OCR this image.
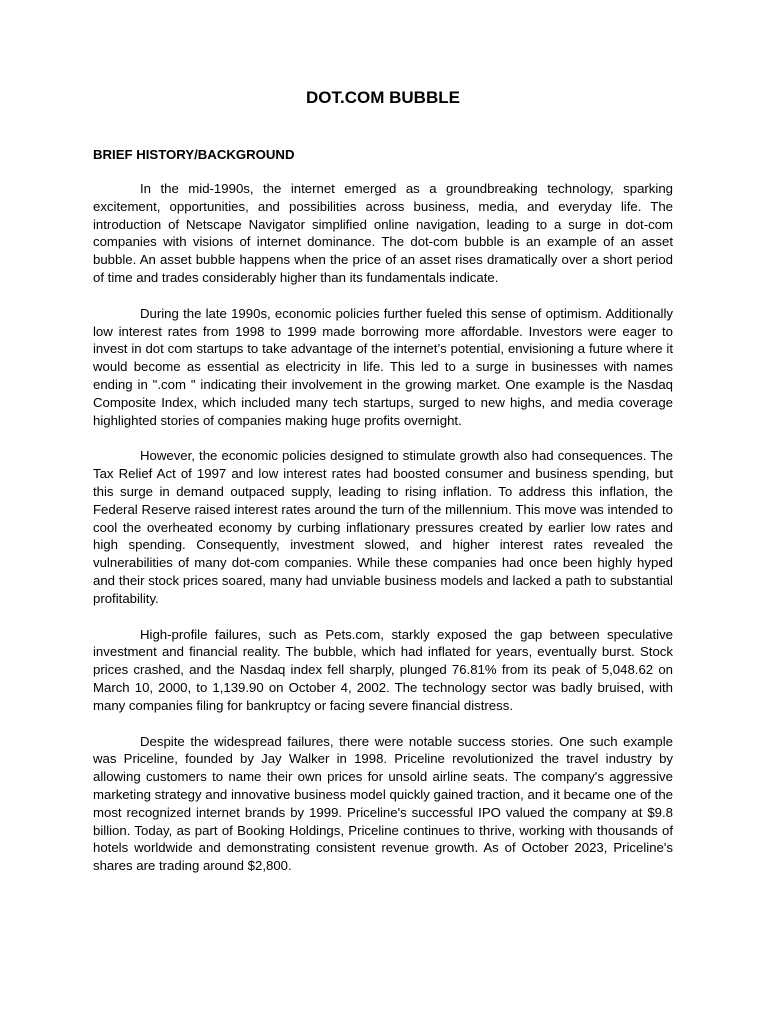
DOT.COM BUBBLE
BRIEF HISTORY/BACKGROUND

In the mid-1990s, the internet emerged as a groundbreaking technology, sparking excitement, opportunities, and possibilities across business, media, and everyday life. The introduction of Netscape Navigator simplified online navigation, leading to a surge in dot-com companies with visions of internet dominance. The dot-com bubble is an example of an asset bubble. An asset bubble happens when the price of an asset rises dramatically over a short period of time and trades considerably higher than its fundamentals indicate.

During the late 1990s, economic policies further fueled this sense of optimism. Additionally low interest rates from 1998 to 1999 made borrowing more affordable. Investors were eager to invest in dot com startups to take advantage of the internet’s potential, envisioning a future where it would become as essential as electricity in life. This led to a surge in businesses with names ending in ".com " indicating their involvement in the growing market. One example is the Nasdaq Composite Index, which included many tech startups, surged to new highs, and media coverage highlighted stories of companies making huge profits overnight.

However, the economic policies designed to stimulate growth also had consequences. The Tax Relief Act of 1997 and low interest rates had boosted consumer and business spending, but this surge in demand outpaced supply, leading to rising inflation. To address this inflation, the Federal Reserve raised interest rates around the turn of the millennium. This move was intended to cool the overheated economy by curbing inflationary pressures created by earlier low rates and high spending. Consequently, investment slowed, and higher interest rates revealed the vulnerabilities of many dot-com companies. While these companies had once been highly hyped and their stock prices soared, many had unviable business models and lacked a path to substantial profitability.

High-profile failures, such as Pets.com, starkly exposed the gap between speculative investment and financial reality. The bubble, which had inflated for years, eventually burst. Stock prices crashed, and the Nasdaq index fell sharply, plunged 76.81% from its peak of 5,048.62 on March 10, 2000, to 1,139.90 on October 4, 2002. The technology sector was badly bruised, with many companies filing for bankruptcy or facing severe financial distress.

Despite the widespread failures, there were notable success stories. One such example was Priceline, founded by Jay Walker in 1998. Priceline revolutionized the travel industry by allowing customers to name their own prices for unsold airline seats. The company's aggressive marketing strategy and innovative business model quickly gained traction, and it became one of the most recognized internet brands by 1999. Priceline's successful IPO valued the company at $9.8 billion. Today, as part of Booking Holdings, Priceline continues to thrive, working with thousands of hotels worldwide and demonstrating consistent revenue growth. As of October 2023, Priceline's shares are trading around $2,800.
